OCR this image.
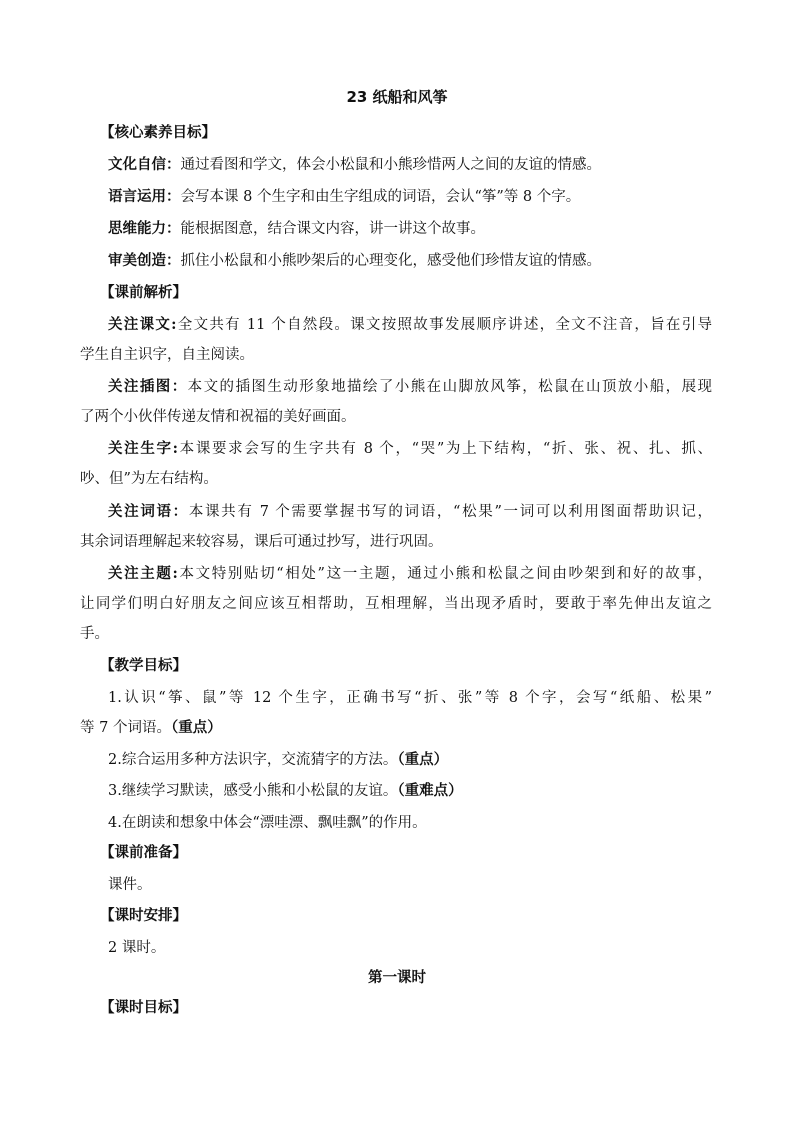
23 纸船和风筝
【核心素养目标】
文化自信：通过看图和学文，体会小松鼠和小熊珍惜两人之间的友谊的情感。
语言运用：会写本课 8 个生字和由生字组成的词语，会认“筝”等 8 个字。
思维能力：能根据图意，结合课文内容，讲一讲这个故事。
审美创造：抓住小松鼠和小熊吵架后的心理变化，感受他们珍惜友谊的情感。
【课前解析】
关注课文:全文共有 11 个自然段。课文按照故事发展顺序讲述，全文不注音，旨在引导
学生自主识字，自主阅读。
关注插图：本文的插图生动形象地描绘了小熊在山脚放风筝，松鼠在山顶放小船，展现
了两个小伙伴传递友情和祝福的美好画面。
关注生字:本课要求会写的生字共有 8 个，“哭”为上下结构，“折、张、祝、扎、抓、
吵、但”为左右结构。
关注词语：本课共有 7 个需要掌握书写的词语，“松果”一词可以利用图面帮助识记，
其余词语理解起来较容易，课后可通过抄写，进行巩固。
关注主题:本文特别贴切“相处”这一主题，通过小熊和松鼠之间由吵架到和好的故事，
让同学们明白好朋友之间应该互相帮助，互相理解，当出现矛盾时，要敢于率先伸出友谊之
手。
【教学目标】
1.认识“筝、鼠”等 12 个生字，正确书写“折、张”等 8 个字，会写“纸船、松果”
等 7 个词语。（重点）
2.综合运用多种方法识字，交流猜字的方法。（重点）
3.继续学习默读，感受小熊和小松鼠的友谊。（重难点）
4.在朗读和想象中体会“漂哇漂、飘哇飘”的作用。
【课前准备】
课件。
【课时安排】
2 课时。
第一课时
【课时目标】
